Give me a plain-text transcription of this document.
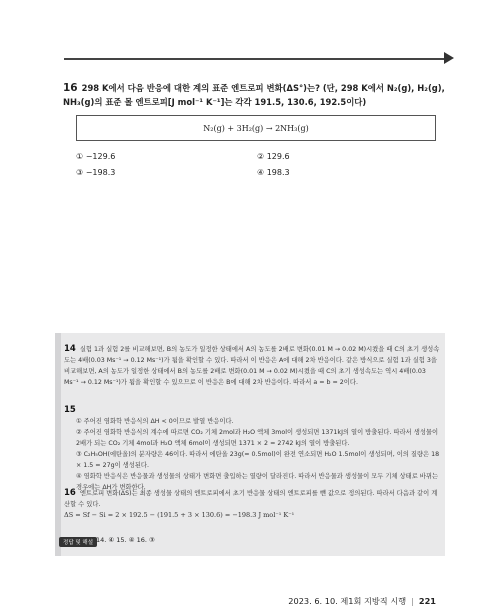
16 298 K에서 다음 반응에 대한 계의 표준 엔트로피 변화(ΔS°)는? (단, 298 K에서 N₂(g), H₂(g), NH₃(g)의 표준 몰 엔트로피[J mol⁻¹ K⁻¹]는 각각 191.5, 130.6, 192.5이다)
N₂(g) + 3H₂(g) → 2NH₃(g)
① −129.6	② 129.6
③ −198.3	④ 198.3
14 실험 1과 실험 2를 비교해보면, B의 농도가 일정한 상태에서 A의 농도를 2배로 변화(0.01 M → 0.02 M)시켰을 때 C의 초기 생성속도는 4배(0.03 Ms⁻¹ → 0.12 Ms⁻¹)가 됨을 확인할 수 있다. 따라서 이 반응은 A에 대해 2차 반응이다. 같은 방식으로 실험 1과 실험 3을 비교해보면, A의 농도가 일정한 상태에서 B의 농도를 2배로 변화(0.01 M → 0.02 M)시켰을 때 C의 초기 생성속도는 역시 4배(0.03 Ms⁻¹ → 0.12 Ms⁻¹)가 됨을 확인할 수 있으므로 이 반응은 B에 대해 2차 반응이다. 따라서 a = b = 2이다.
15
① 주어진 염화학 반응식의 ΔH < 0이므로 발열 반응이다.
② 주어진 염화학 반응식의 계수에 따르면 CO₂ 기체 2mol과 H₂O 액체 3mol이 생성되면 1371kJ의 열이 방출된다. 따라서 생성물이 2배가 되는 CO₂ 기체 4mol과 H₂O 액체 6mol이 생성되면 1371 × 2 = 2742 kJ의 열이 방출된다.
③ C₂H₅OH(에탄올)의 분자량은 46이다. 따라서 에탄올 23g(= 0.5mol)이 완전 연소되면 H₂O 1.5mol이 생성되며, 이의 질량은 18 × 1.5 = 27g이 생성된다.
④ 염화학 반응식은 반응물과 생성물의 상태가 변화면 출입하는 열량이 달라진다. 따라서 반응물과 생성물이 모두 기체 상태로 바뀌는 경우에는 ΔH가 변화한다.
16 엔트로피 변화(ΔS)는 최종 생성물 상태의 엔트로피에서 초기 반응물 상태의 엔트로피를 뺀 값으로 정의된다. 따라서 다음과 같이 계산할 수 있다.
ΔS = Sf − Si = 2 × 192.5 − (191.5 + 3 × 130.6) = −198.3 J mol⁻¹ K⁻¹
정답 및 해설 14. ④ 15. ④ 16. ③
2023. 6. 10. 제1회 지방직 시행 | 221
